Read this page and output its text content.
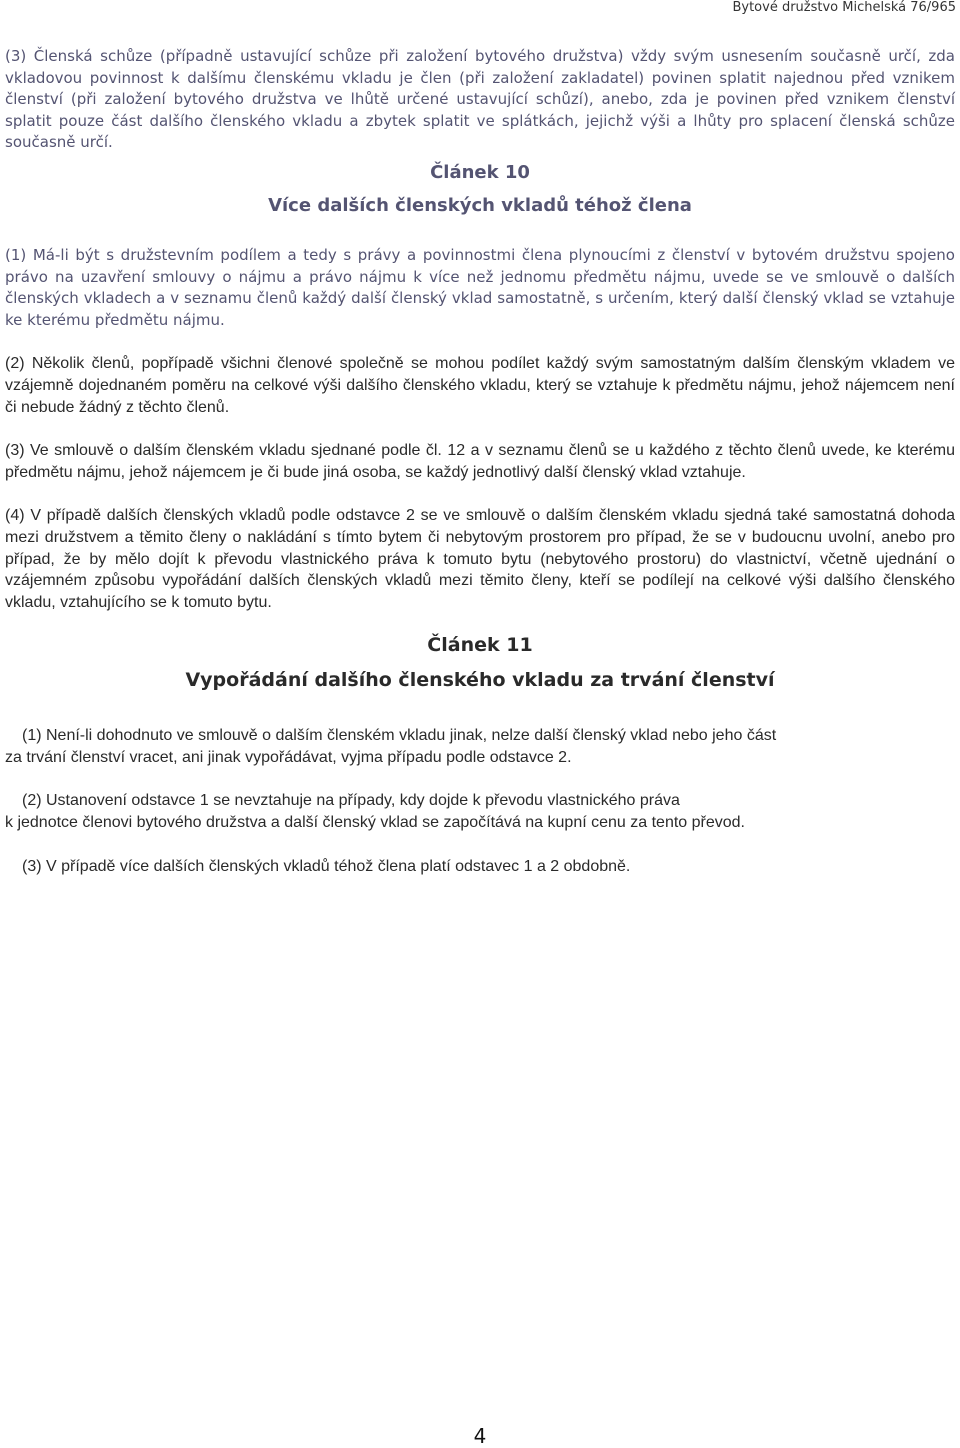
Bytové družstvo Michelská 76/965

(3) Členská schůze (případně ustavující schůze při založení bytového družstva) vždy svým usnesením současně určí, zda vkladovou povinnost k dalšímu členskému vkladu je člen (při založení zakladatel) povinen splatit najednou před vznikem členství (při založení bytového družstva ve lhůtě určené ustavující schůzí), anebo, zda je povinen před vznikem členství splatit pouze část dalšího členského vkladu a zbytek splatit ve splátkách, jejichž výši a lhůty pro splacení členská schůze současně určí.

Článek 10
Více dalších členských vkladů téhož člena

(1) Má-li být s družstevním podílem a tedy s právy a povinnostmi člena plynoucími z členství v bytovém družstvu spojeno právo na uzavření smlouvy o nájmu a právo nájmu k více než jednomu předmětu nájmu, uvede se ve smlouvě o dalších členských vkladech a v seznamu členů každý další členský vklad samostatně, s určením, který další členský vklad se vztahuje ke kterému předmětu nájmu.

(2) Několik členů, popřípadě všichni členové společně se mohou podílet každý svým samostatným dalším členským vkladem ve vzájemně dojednaném poměru na celkové výši dalšího členského vkladu, který se vztahuje k předmětu nájmu, jehož nájemcem není či nebude žádný z těchto členů.

(3) Ve smlouvě o dalším členském vkladu sjednané podle čl. 12 a v seznamu členů se u každého z těchto členů uvede, ke kterému předmětu nájmu, jehož nájemcem je či bude jiná osoba, se každý jednotlivý další členský vklad vztahuje.

(4) V případě dalších členských vkladů podle odstavce 2 se ve smlouvě o dalším členském vkladu sjedná také samostatná dohoda mezi družstvem a těmito členy o nakládání s tímto bytem či nebytovým prostorem pro případ, že se v budoucnu uvolní, anebo pro případ, že by mělo dojít k převodu vlastnického práva k tomuto bytu (nebytového prostoru) do vlastnictví, včetně ujednání o vzájemném způsobu vypořádání dalších členských vkladů mezi těmito členy, kteří se podílejí na celkové výši dalšího členského vkladu, vztahujícího se k tomuto bytu.

Článek 11
Vypořádání dalšího členského vkladu za trvání členství

(1) Není-li dohodnuto ve smlouvě o dalším členském vkladu jinak, nelze další členský vklad nebo jeho část

za trvání členství vracet, ani jinak vypořádávat, vyjma případu podle odstavce 2.

(2) Ustanovení odstavce 1 se nevztahuje na případy, kdy dojde k převodu vlastnického práva

k jednotce členovi bytového družstva a další členský vklad se započítává na kupní cenu za tento převod.

(3) V případě více dalších členských vkladů téhož člena platí odstavec 1 a 2 obdobně.

4
